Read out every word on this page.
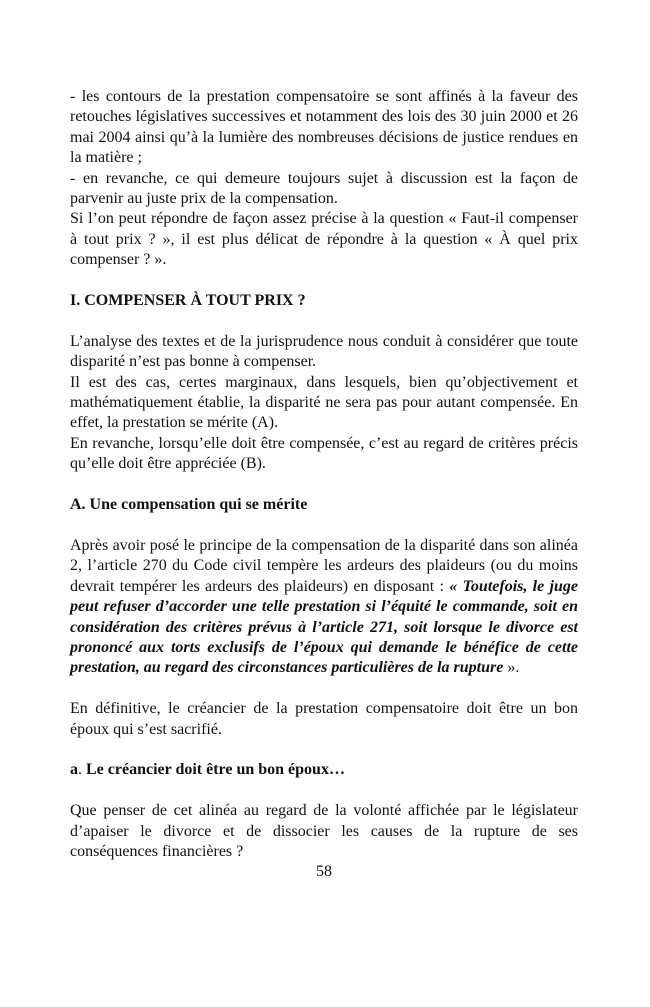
- les contours de la prestation compensatoire se sont affinés à la faveur des retouches législatives successives et notamment des lois des 30 juin 2000 et 26 mai 2004 ainsi qu’à la lumière des nombreuses décisions de justice rendues en la matière ;

- en revanche, ce qui demeure toujours sujet à discussion est la façon de parvenir au juste prix de la compensation.

Si l’on peut répondre de façon assez précise à la question « Faut-il compenser à tout prix ? », il est plus délicat de répondre à la question « À quel prix compenser ? ».

I. COMPENSER À TOUT PRIX ?

L’analyse des textes et de la jurisprudence nous conduit à considérer que toute disparité n’est pas bonne à compenser.

Il est des cas, certes marginaux, dans lesquels, bien qu’objectivement et mathématiquement établie, la disparité ne sera pas pour autant compensée. En effet, la prestation se mérite (A).

En revanche, lorsqu’elle doit être compensée, c’est au regard de critères précis qu’elle doit être appréciée (B).

A. Une compensation qui se mérite

Après avoir posé le principe de la compensation de la disparité dans son alinéa 2, l’article 270 du Code civil tempère les ardeurs des plaideurs (ou du moins devrait tempérer les ardeurs des plaideurs) en disposant : « Toutefois, le juge peut refuser d’accorder une telle prestation si l’équité le commande, soit en considération des critères prévus à l’article 271, soit lorsque le divorce est prononcé aux torts exclusifs de l’époux qui demande le bénéfice de cette prestation, au regard des circonstances particulières de la rupture ».

En définitive, le créancier de la prestation compensatoire doit être un bon époux qui s’est sacrifié.

a. Le créancier doit être un bon époux…

Que penser de cet alinéa au regard de la volonté affichée par le législateur d’apaiser le divorce et de dissocier les causes de la rupture de ses conséquences financières ?

58
